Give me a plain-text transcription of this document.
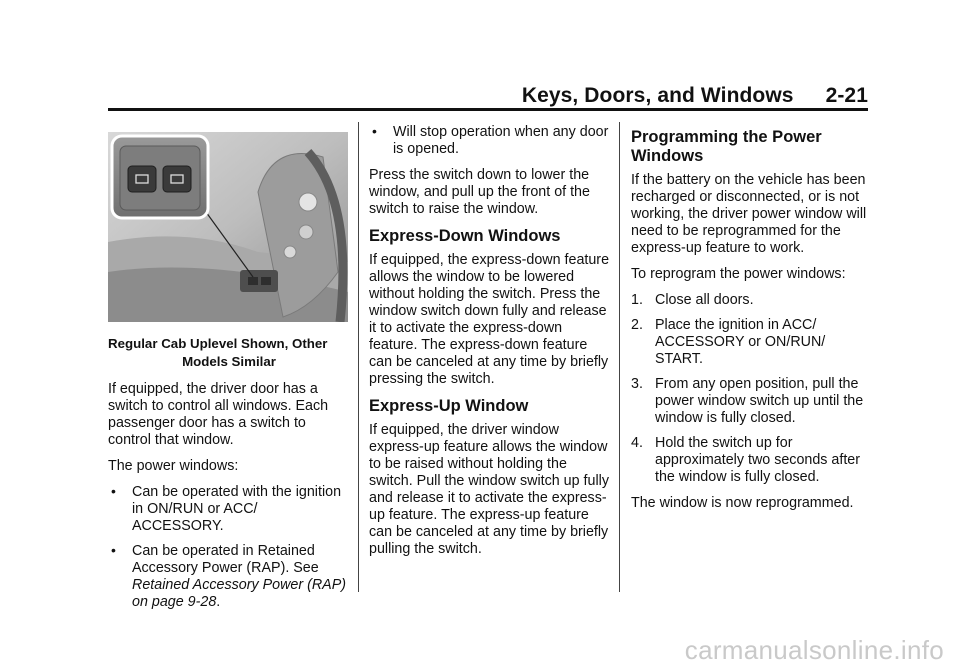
Keys, Doors, and Windows 2-21
Regular Cab Uplevel Shown, Other
Models Similar

If equipped, the driver door has a switch to control all windows. Each passenger door has a switch to control that window.

The power windows:

• Can be operated with the ignition in ON/RUN or ACC/ ACCESSORY.
• Can be operated in Retained Accessory Power (RAP). See Retained Accessory Power (RAP) on page 9-28.
• Will stop operation when any door is opened.

Press the switch down to lower the window, and pull up the front of the switch to raise the window.

Express-Down Windows

If equipped, the express-down feature allows the window to be lowered without holding the switch. Press the window switch down fully and release it to activate the express-down feature. The express-down feature can be canceled at any time by briefly pressing the switch.

Express-Up Window

If equipped, the driver window express-up feature allows the window to be raised without holding the switch. Pull the window switch up fully and release it to activate the express-up feature. The express-up feature can be canceled at any time by briefly pulling the switch.

Programming the Power Windows

If the battery on the vehicle has been recharged or disconnected, or is not working, the driver power window will need to be reprogrammed for the express-up feature to work.

To reprogram the power windows:

1. Close all doors.
2. Place the ignition in ACC/ ACCESSORY or ON/RUN/ START.
3. From any open position, pull the power window switch up until the window is fully closed.
4. Hold the switch up for approximately two seconds after the window is fully closed.

The window is now reprogrammed.

carmanualsonline.info
